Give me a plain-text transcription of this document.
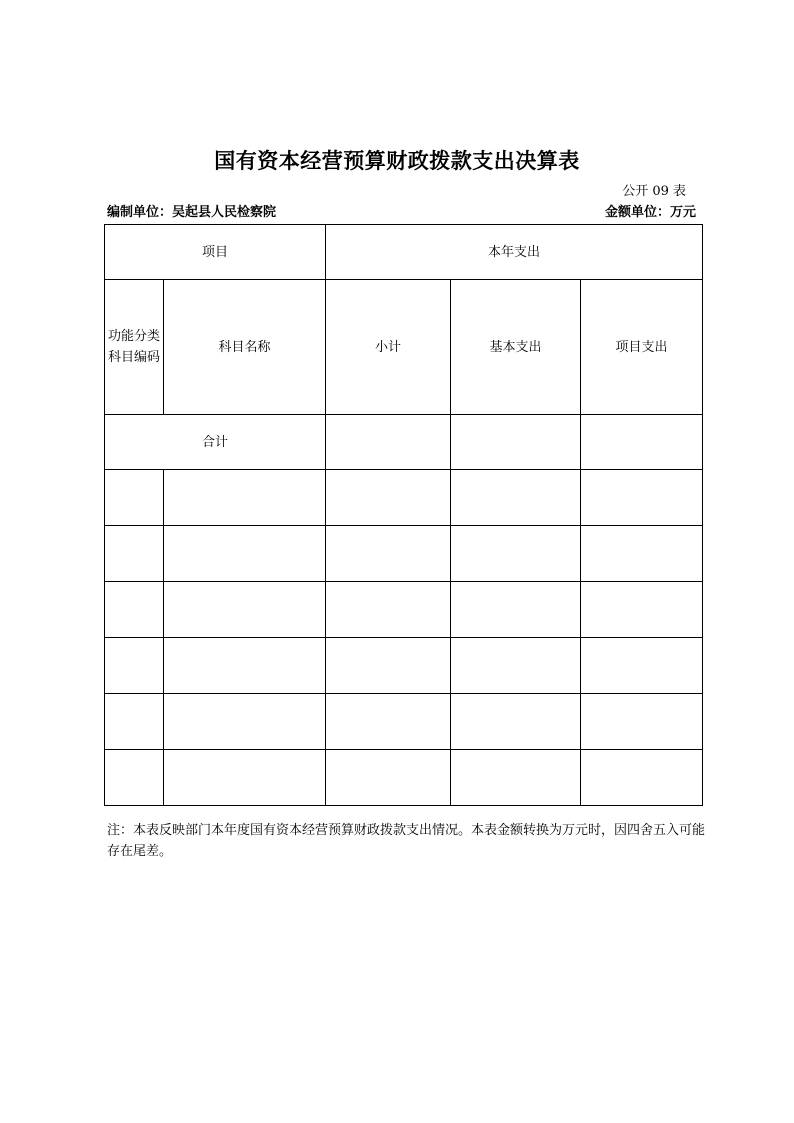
国有资本经营预算财政拨款支出决算表
公开 09 表
编制单位：吴起县人民检察院	金额单位：万元
项目		本年支出		
功能分类科目编码	科目名称	小计	基本支出	项目支出
合计				

注：本表反映部门本年度国有资本经营预算财政拨款支出情况。本表金额转换为万元时，因四舍五入可能存在尾差。
